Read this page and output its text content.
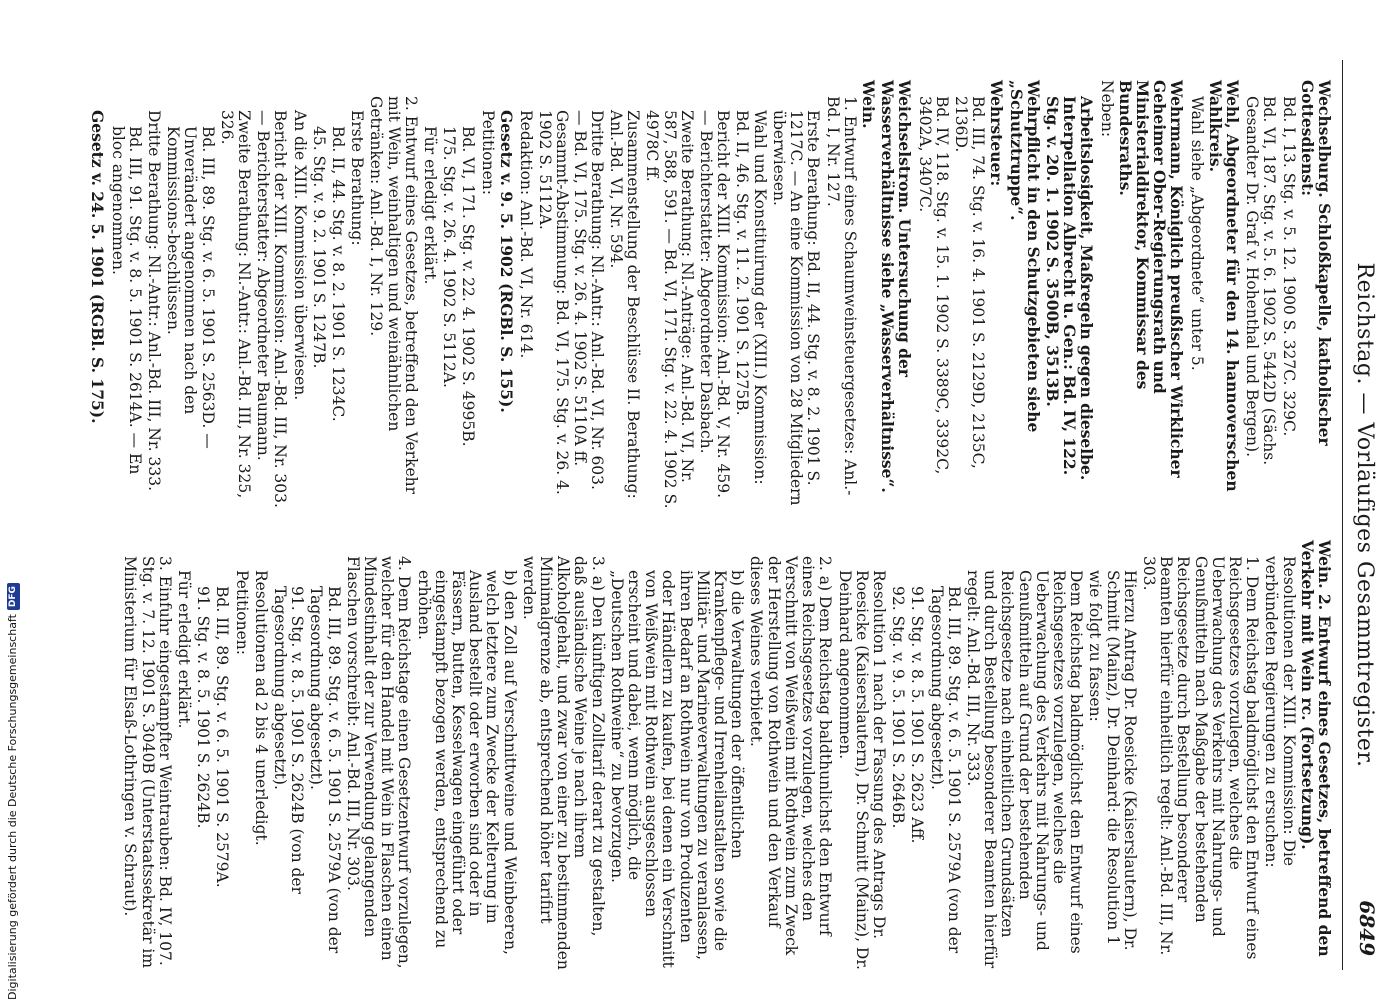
Reichstag. — Vorläufiges Gesammtregister.
6849

Wechselburg. Schloßkapelle, katholischer Gottesdienst:

Bd. I, 13. Stg. v. 5. 12. 1900 S. 327C. 329C.

Bd. VI, 187. Stg. v. 5. 6. 1902 S. 5442D (Sächs. Gesandter Dr. Graf v. Hohenthal und Bergen).

Wehl, Abgeordneter für den 14. hannoverschen Wahlkreis.

Wahl siehe „Abgeordnete“ unter 5.

Wehrmann, Königlich preußischer Wirklicher Geheimer Ober-Regierungsrath und Ministerialdirektor, Kommissar des Bundesraths.

Neben:

Arbeitslosigkeit, Maßregeln gegen dieselbe. Interpellation Albrecht u. Gen.: Bd. IV, 122. Stg. v. 20. 1. 1902 S. 3500B, 3513B.

Wehrpflicht in den Schutzgebieten siehe „Schutztruppe“.

Wehrsteuer:

Bd. III, 74. Stg. v. 16. 4. 1901 S. 2129D, 2135C, 2136D.

Bd. IV, 118. Stg. v. 15. 1. 1902 S. 3389C, 3392C, 3402A, 3407C.

Weichselstrom. Untersuchung der Wasserverhältnisse siehe „Wasserverhältnisse“.

Wein.

1. Entwurf eines Schaumweinsteuergesetzes: Anl.-Bd. I, Nr. 127.

Erste Berathung: Bd. II, 44. Stg. v. 8. 2. 1901 S. 1217C. — An eine Kommission von 28 Mitgliedern überwiesen.

Wahl und Konstituirung der (XIII.) Kommission: Bd. II, 46. Stg. v. 11. 2. 1901 S. 1275B.

Bericht der XIII. Kommission: Anl.-Bd. V, Nr. 459. — Berichterstatter: Abgeordneter Dasbach.

Zweite Berathung: Nl.-Anträge: Anl.-Bd. VI, Nr. 587, 588, 591. — Bd. VI, 171. Stg. v. 22. 4. 1902 S. 4978C ff.

Zusammenstellung der Beschlüsse II. Berathung: Anl.-Bd. VI, Nr. 594.

Dritte Berathung: Nl.-Antr.: Anl.-Bd. VI, Nr. 603. — Bd. VI, 175. Stg. v. 26. 4. 1902 S. 5110A ff. Gesammt-Abstimmung: Bd. VI, 175. Stg. v. 26. 4. 1902 S. 5112A.

Redaktion: Anl.-Bd. VI, Nr. 614.

Gesetz v. 9. 5. 1902 (RGBl. S. 155).

Petitionen:

Bd. VI, 171. Stg. v. 22. 4. 1902 S. 4995B.

175. Stg. v. 26. 4. 1902 S. 5112A.

Für erledigt erklärt.

2. Entwurf eines Gesetzes, betreffend den Verkehr mit Wein, weinhaltigen und weinähnlichen Getränken: Anl.-Bd. I, Nr. 129.

Erste Berathung:

Bd. II, 44. Stg. v. 8. 2. 1901 S. 1234C.

45. Stg. v. 9. 2. 1901 S. 1247B.

An die XIII. Kommission überwiesen.

Bericht der XIII. Kommission: Anl.-Bd. III, Nr. 303. — Berichterstatter: Abgeordneter Baumann.

Zweite Berathung: Nl.-Antr.: Anl.-Bd. III, Nr. 325, 326.

Bd. III, 89. Stg. v. 6. 5. 1901 S. 2563D. — Unverändert angenommen nach den Kommissions-beschlüssen.

Dritte Berathung: Nl.-Antr.: Anl.-Bd. III, Nr. 333.

Bd. III, 91. Stg. v. 8. 5. 1901 S. 2614A. — En bloc angenommen.

Gesetz v. 24. 5. 1901 (RGBl. S. 175).

Wein. 2. Entwurf eines Gesetzes, betreffend den Verkehr mit Wein rc. (Fortsetzung).

Resolutionen der XIII. Kommission: Die verbündeten Regierungen zu ersuchen:

1. Dem Reichstag baldmöglichst den Entwurf eines Reichsgesetzes vorzulegen, welches die Ueberwachung des Verkehrs mit Nahrungs- und Genußmitteln nach Maßgabe der bestehenden Reichsgesetze durch Bestellung besonderer Beamten hierfür einheitlich regelt: Anl.-Bd. III, Nr. 303.

Hierzu Antrag Dr. Roesicke (Kaiserslautern), Dr. Schmitt (Mainz), Dr. Deinhard: die Resolution 1 wie folgt zu fassen:

Dem Reichstag baldmöglichst den Entwurf eines Reichsgesetzes vorzulegen, welches die Ueberwachung des Verkehrs mit Nahrungs- und Genußmitteln auf Grund der bestehenden Reichsgesetze nach einheitlichen Grundsätzen und durch Bestellung besonderer Beamten hierfür regelt: Anl.-Bd. III, Nr. 333.

Bd. III, 89. Stg. v. 6. 5. 1901 S. 2579A (von der Tagesordnung abgesetzt).

91. Stg. v. 8. 5. 1901 S. 2623 Aff.

92. Stg. v. 9. 5. 1901 S. 2646B.

Resolution 1 nach der Fassung des Antrags Dr. Roesicke (Kaiserslautern), Dr. Schmitt (Mainz), Dr. Deinhard angenommen.

2. a) Dem Reichstag baldthunlichst den Entwurf eines Reichsgesetzes vorzulegen, welches den Verschnitt von Weißwein mit Rothwein zum Zweck der Herstellung von Rothwein und den Verkauf dieses Weines verbietet.

b) die Verwaltungen der öffentlichen Krankenpflege- und Irrenheilanstalten sowie die Militär- und Marineverwaltungen zu veranlassen, ihren Bedarf an Rothwein nur von Produzenten oder Händlern zu kaufen, bei denen ein Verschnitt von Weißwein mit Rothwein ausgeschlossen erscheint und dabei, wenn möglich, die „Deutschen Rothweine“ zu bevorzugen.

3. a) Den künftigen Zolltarif derart zu gestalten, daß ausländische Weine je nach ihrem Alkoholgehalt, und zwar von einer zu bestimmenden Minimalgrenze ab, entsprechend höher tarifirt werden.

b) den Zoll auf Verschnittweine und Weinbeeren, welch letztere zum Zwecke der Kelterung im Ausland bestellt oder erworben sind oder in Fässern, Butten, Kesselwagen eingeführt oder eingestampft bezogen werden, entsprechend zu erhöhen.

4. Dem Reichstage einen Gesetzentwurf vorzulegen, welcher für den Handel mit Wein in Flaschen einen Mindestinhalt der zur Verwendung gelangenden Flaschen vorschreibt: Anl.-Bd. III, Nr. 303.

Bd. III, 89. Stg. v. 6. 5. 1901 S. 2579A (von der Tagesordnung abgesetzt).

91. Stg. v. 8. 5. 1901 S. 2624B (von der Tagesordnung abgesetzt).

Resolutionen ad 2 bis 4 unerledigt.

Petitionen:

Bd. III, 89. Stg. v. 6. 5. 1901 S. 2579A.

91. Stg. v. 8. 5. 1901 S. 2624B.

Für erledigt erklärt.

3. Einfuhr eingestampfter Weintrauben: Bd. IV, 107. Stg. v. 7. 12. 1901 S. 3040B (Unterstaatssekretär im Ministerium für Elsaß-Lothringen v. Schraut).

Digitalisierung gefördert durch die Deutsche Forschungsgemeinschaft
DFG
